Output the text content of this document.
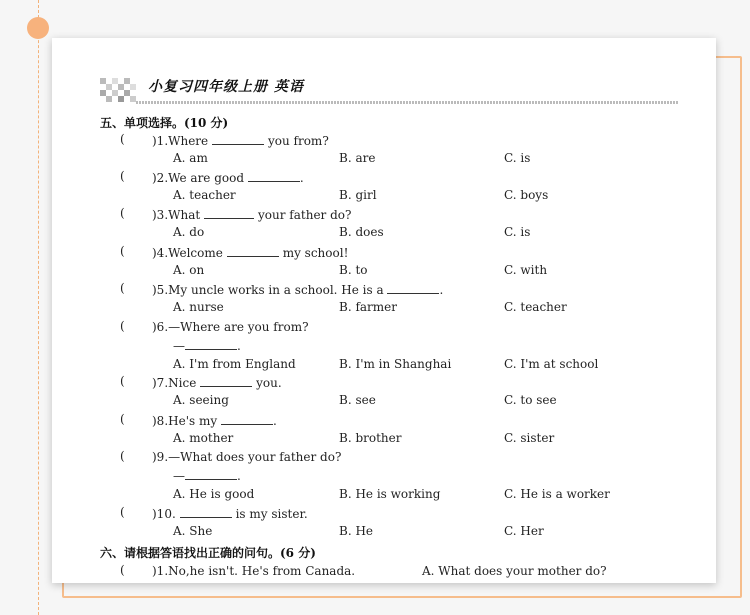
小复习四年级上册 英语
五、单项选择。(10 分)
(	)1.Where	you from?
A. am	B. are	C. is
(	)2.We are good	.
A. teacher	B. girl	C. boys
(	)3.What	your father do?
A. do	B. does	C. is
(	)4.Welcome	my school!
A. on	B. to	C. with
(	)5.My uncle works in a school. He is a	.
A. nurse	B. farmer	C. teacher
(	)6.—Where are you from?
—	.
A. I'm from England	B. I'm in Shanghai	C. I'm at school
(	)7.Nice	you.
A. seeing	B. see	C. to see
(	)8.He's my	.
A. mother	B. brother	C. sister
(	)9.—What does your father do?
—	.
A. He is good	B. He is working	C. He is a worker
(	)10.	is my sister.
A. She	B. He	C. Her
六、请根据答语找出正确的问句。(6 分)
(	)1.No,he isn't. He's from Canada.	A. What does your mother do?
